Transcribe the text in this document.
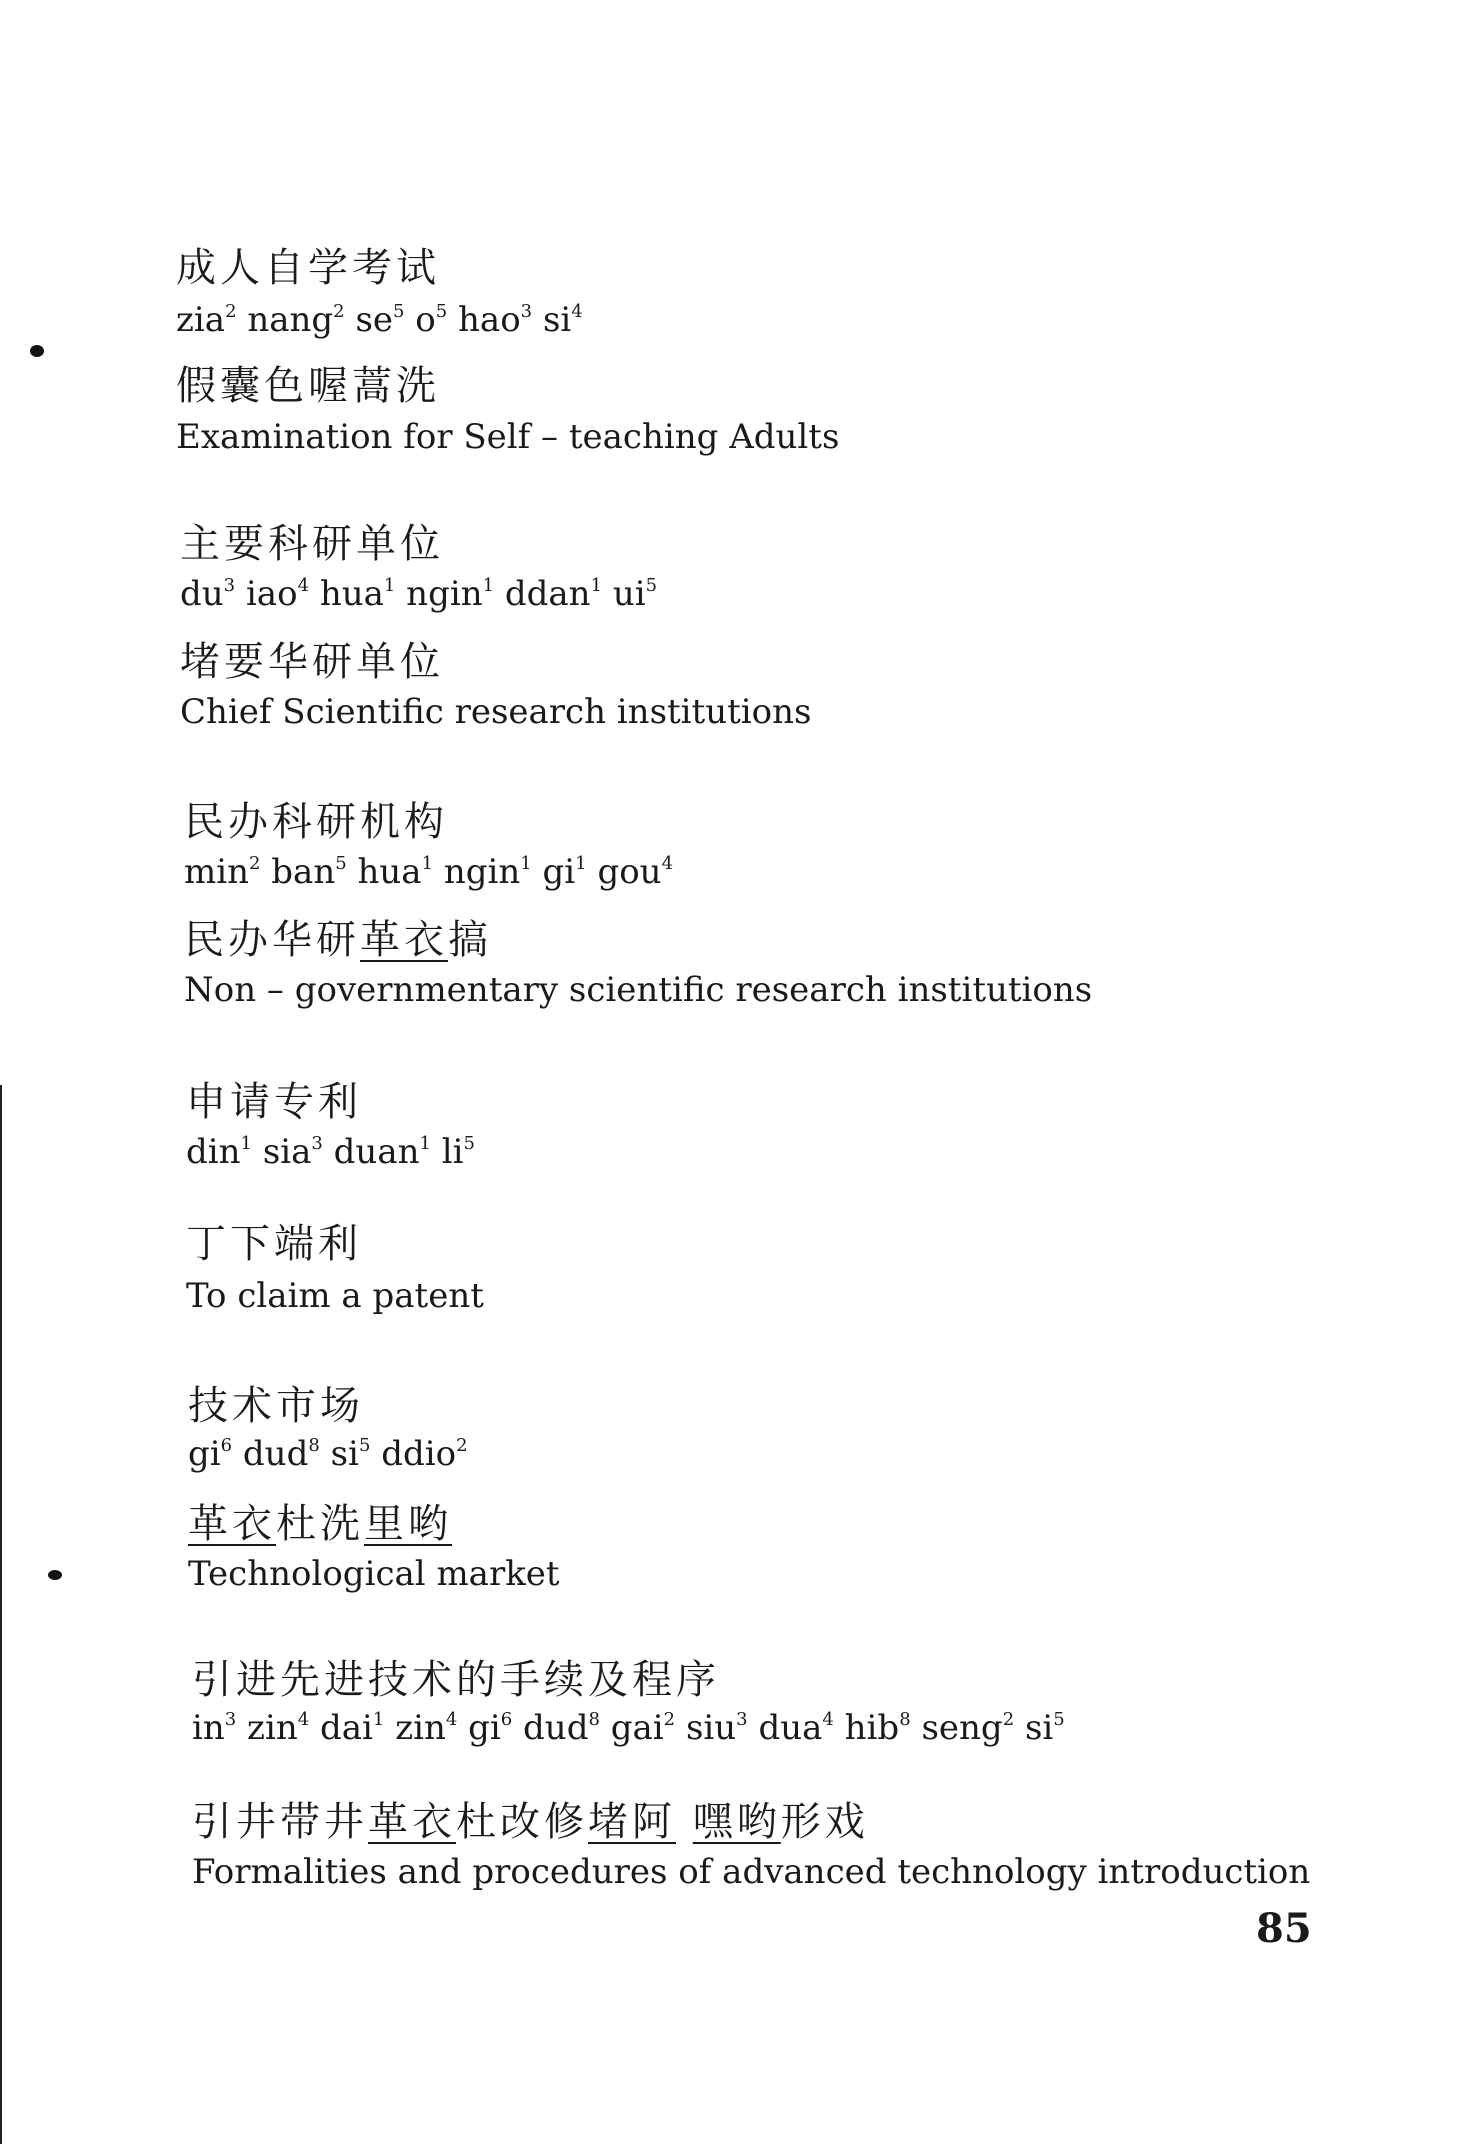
成人自学考试
zia$^2$ nang$^2$ $se^5$ $o^5$ hao$^3$ $si^4$
假囊色喔蒿洗
Examination for Self – teaching Adults
主要科研单位
$du^3$ iao$^4$ hua$^1$ ngin$^1$ ddan$^1$ $ui^5$
堵要华研单位
Chief Scientific research institutions
民办科研机构
$\min^2 ban^5$ hua$^1$ ngin$^1$ $gi^1$ gou$^4$
民办华研革衣搞
Non – governmentary scientific research institutions
申请专利
din$^1$ sia$^3$ duan$^1$ $li^5$
丁下端利
To claim a patent
技术市场
$gi^6$ dud$^8$ $si^5$ ddio$^2$
革衣杜洗里哟
Technological market
引进先进技术的手续及程序
$in^3$ zin$^4$ dai$^1$ zin$^4$ $gi^6$ dud$^8$ gai$^2$ siu$^3$ dua$^4$ hib$^8$ seng$^2$ $si^5$
引井带井革衣杜改修堵阿 嘿哟形戏
Formalities and procedures of advanced technology introduction
85
